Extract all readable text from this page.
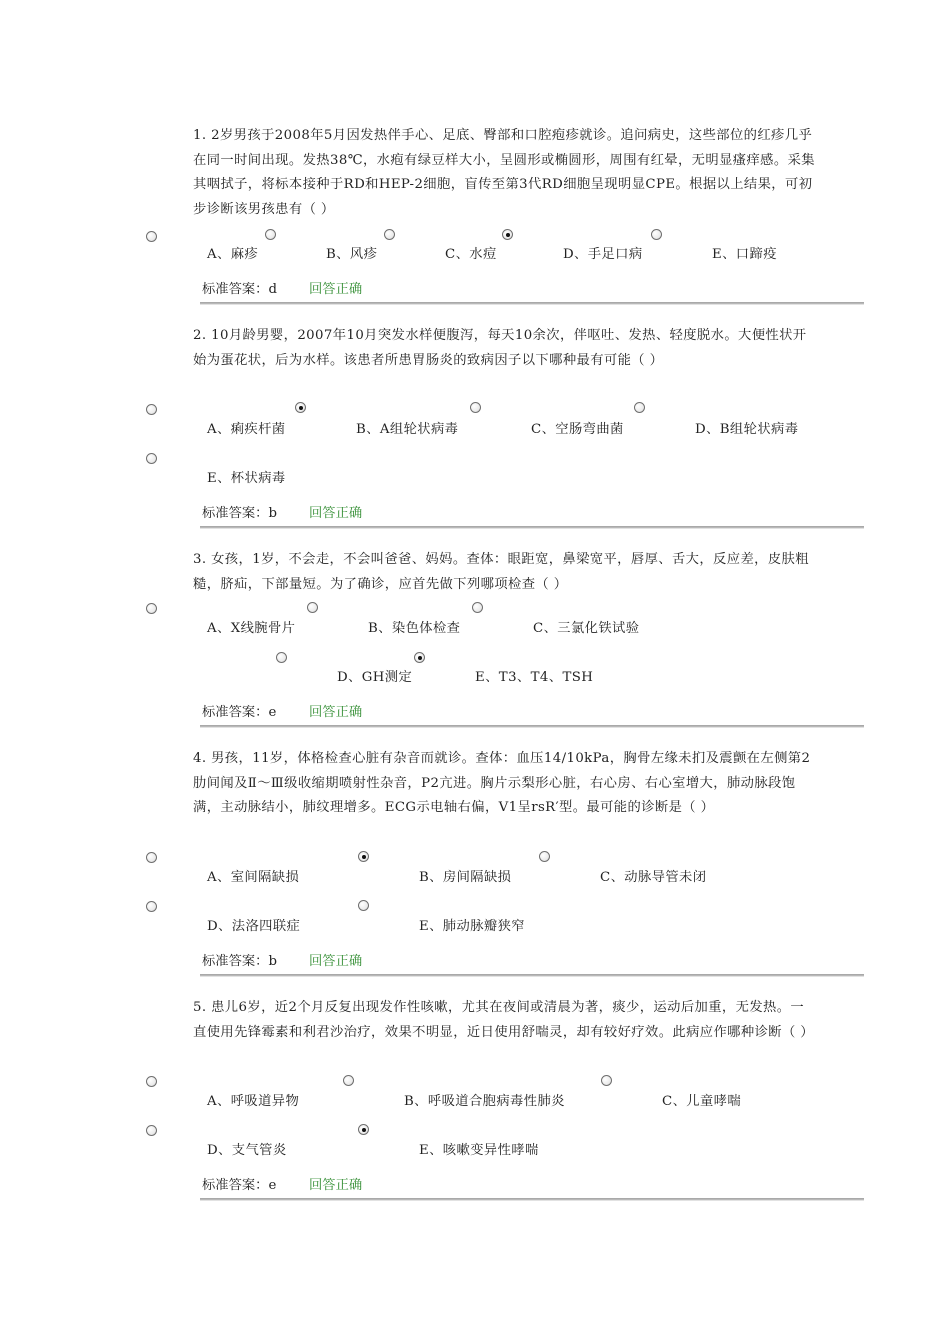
1. 2岁男孩于2008年5月因发热伴手心、足底、臀部和口腔疱疹就诊。追问病史，这些部位的红疹几乎在同一时间出现。发热38℃，水疱有绿豆样大小，呈圆形或椭圆形，周围有红晕，无明显瘙痒感。采集其咽拭子，将标本接种于RD和HEP-2细胞，盲传至第3代RD细胞呈现明显CPE。根据以上结果，可初步诊断该男孩患有（ ）
A、麻疹	B、风疹	C、水痘	D、手足口病	E、口蹄疫
标准答案：d 回答正确
2. 10月龄男婴，2007年10月突发水样便腹泻，每天10余次，伴呕吐、发热、轻度脱水。大便性状开始为蛋花状，后为水样。该患者所患胃肠炎的致病因子以下哪种最有可能（ ）
A、痢疾杆菌	B、A组轮状病毒	C、空肠弯曲菌	D、B组轮状病毒
E、杯状病毒
标准答案：b 回答正确
3. 女孩，1岁，不会走，不会叫爸爸、妈妈。查体：眼距宽，鼻梁宽平，唇厚、舌大，反应差，皮肤粗糙，脐疝，下部量短。为了确诊，应首先做下列哪项检查（ ）
A、X线腕骨片	B、染色体检查	C、三氯化铁试验
D、GH测定	E、T3、T4、TSH
标准答案：e 回答正确
4. 男孩，11岁，体格检查心脏有杂音而就诊。查体：血压14/10kPa，胸骨左缘未扪及震颤在左侧第2肋间闻及Ⅱ～Ⅲ级收缩期喷射性杂音，P2亢进。胸片示梨形心脏，右心房、右心室增大，肺动脉段饱满，主动脉结小，肺纹理增多。ECG示电轴右偏，V1呈rsR′型。最可能的诊断是（ ）
A、室间隔缺损	B、房间隔缺损	C、动脉导管未闭
D、法洛四联症	E、肺动脉瓣狭窄
标准答案：b 回答正确
5. 患儿6岁，近2个月反复出现发作性咳嗽，尤其在夜间或清晨为著，痰少，运动后加重，无发热。一直使用先锋霉素和利君沙治疗，效果不明显，近日使用舒喘灵，却有较好疗效。此病应作哪种诊断（ ）
A、呼吸道异物	B、呼吸道合胞病毒性肺炎	C、儿童哮喘
D、支气管炎	E、咳嗽变异性哮喘
标准答案：e 回答正确
